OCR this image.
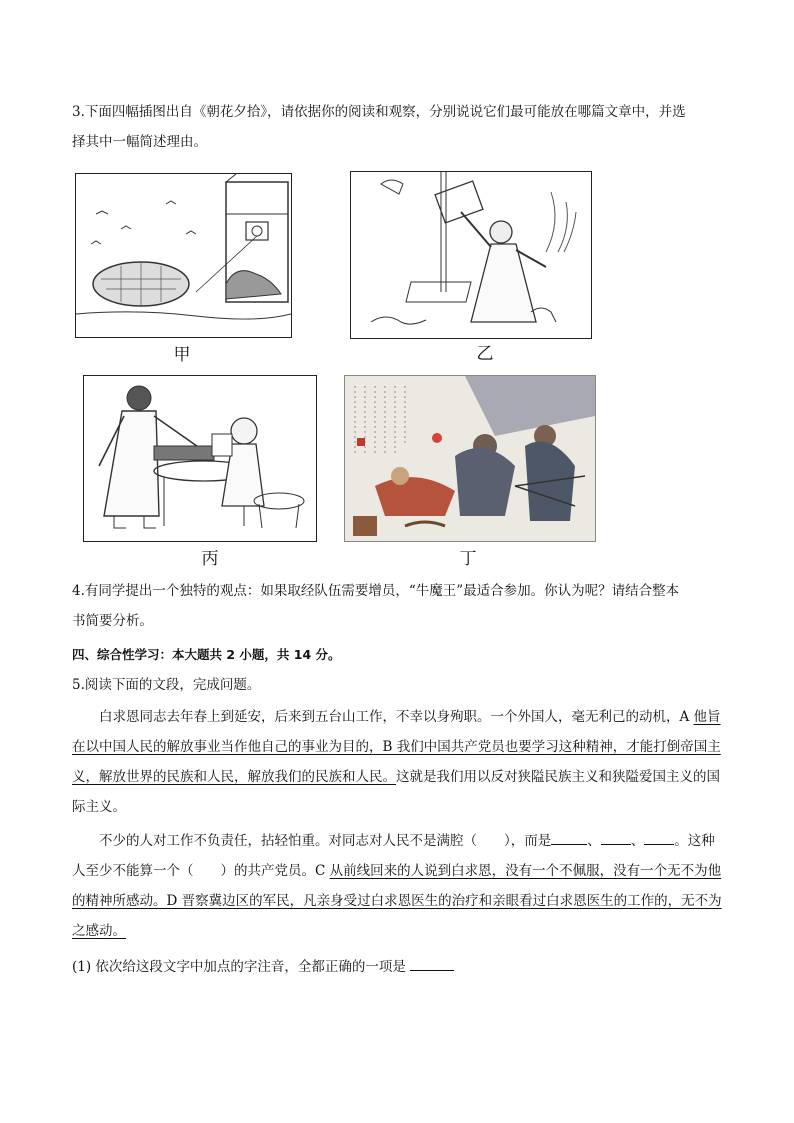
3.下面四幅插图出自《朝花夕拾》，请依据你的阅读和观察，分别说说它们最可能放在哪篇文章中，并选
择其中一幅简述理由。
甲	乙
丙	丁
4.有同学提出一个独特的观点：如果取经队伍需要增员，“牛魔王”最适合参加。你认为呢？请结合整本
书简要分析。
四、综合性学习：本大题共 2 小题，共 14 分。
5.阅读下面的文段，完成问题。
白求恩同志去年春上到延安，后来到五台山工作，不幸以身殉职。一个外国人，毫无利己的动机，A 他旨在以中国人民的解放事业当作他自己的事业为目的，B 我们中国共产党员也要学习这种精神，才能打倒帝国主义，解放世界的民族和人民，解放我们的民族和人民。这就是我们用以反对狭隘民族主义和狭隘爱国主义的国际主义。
不少的人对工作不负责任，拈轻怕重。对同志对人民不是满腔（　　），而是	、 、 。这种人至少不能算一个（　　）的共产党员。C 从前线回来的人说到白求恩，没有一个不佩服，没有一个无不为他的精神所感动。D 晋察冀边区的军民，凡亲身受过白求恩医生的治疗和亲眼看过白求恩医生的工作的，无不为之感动。
(1) 依次给这段文字中加点的字注音，全都正确的一项是
